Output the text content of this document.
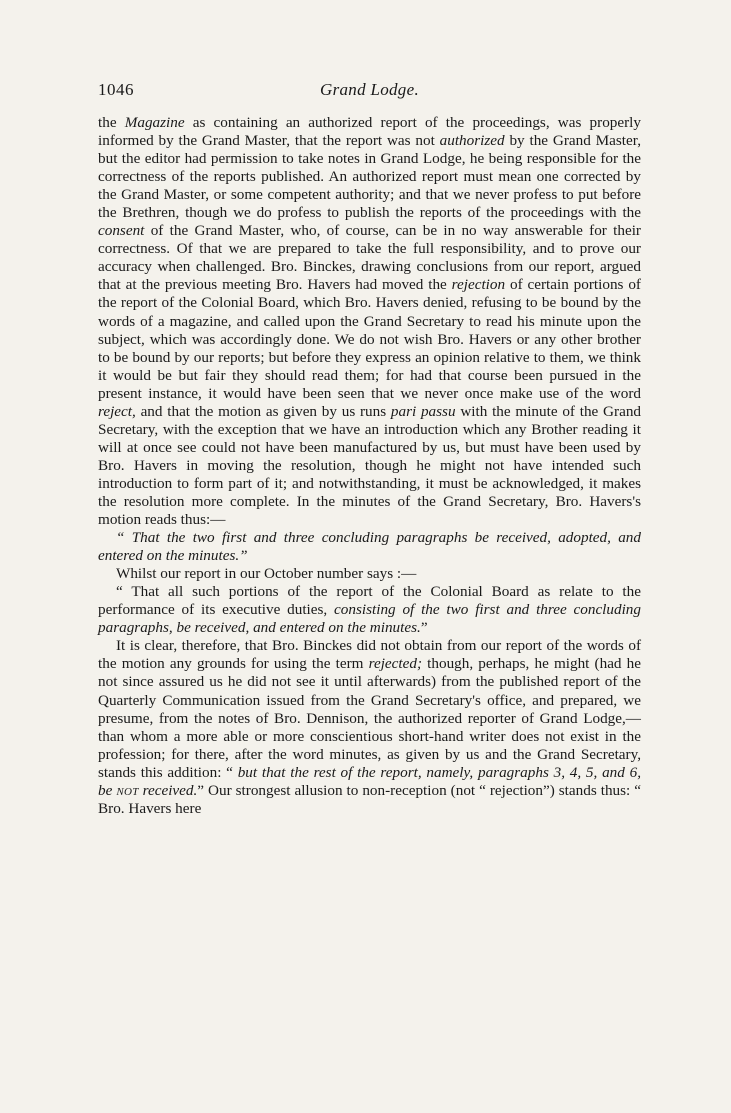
1046	Grand Lodge.

the Magazine as containing an authorized report of the proceedings, was properly informed by the Grand Master, that the report was not authorized by the Grand Master, but the editor had permission to take notes in Grand Lodge, he being responsible for the correctness of the reports published. An authorized report must mean one corrected by the Grand Master, or some competent authority; and that we never profess to put before the Brethren, though we do profess to publish the reports of the proceedings with the consent of the Grand Master, who, of course, can be in no way answerable for their correctness. Of that we are prepared to take the full responsibility, and to prove our accuracy when challenged. Bro. Binckes, drawing conclusions from our report, argued that at the previous meeting Bro. Havers had moved the rejection of certain portions of the report of the Colonial Board, which Bro. Havers denied, refusing to be bound by the words of a magazine, and called upon the Grand Secretary to read his minute upon the subject, which was accordingly done. We do not wish Bro. Havers or any other brother to be bound by our reports; but before they express an opinion relative to them, we think it would be but fair they should read them; for had that course been pursued in the present instance, it would have been seen that we never once make use of the word reject, and that the motion as given by us runs pari passu with the minute of the Grand Secretary, with the exception that we have an introduction which any Brother reading it will at once see could not have been manufactured by us, but must have been used by Bro. Havers in moving the resolution, though he might not have intended such introduction to form part of it; and notwithstanding, it must be acknowledged, it makes the resolution more complete. In the minutes of the Grand Secretary, Bro. Havers's motion reads thus:—

“ That the two first and three concluding paragraphs be received, adopted, and entered on the minutes.”

Whilst our report in our October number says :—

“ That all such portions of the report of the Colonial Board as relate to the performance of its executive duties, consisting of the two first and three concluding paragraphs, be received, and entered on the minutes.”

It is clear, therefore, that Bro. Binckes did not obtain from our report of the words of the motion any grounds for using the term rejected; though, perhaps, he might (had he not since assured us he did not see it until afterwards) from the published report of the Quarterly Communication issued from the Grand Secretary's office, and prepared, we presume, from the notes of Bro. Dennison, the authorized reporter of Grand Lodge,—than whom a more able or more conscientious short-hand writer does not exist in the profession; for there, after the word minutes, as given by us and the Grand Secretary, stands this addition: “ but that the rest of the report, namely, paragraphs 3, 4, 5, and 6, be not received.” Our strongest allusion to non-reception (not “ rejection”) stands thus: “ Bro. Havers here
